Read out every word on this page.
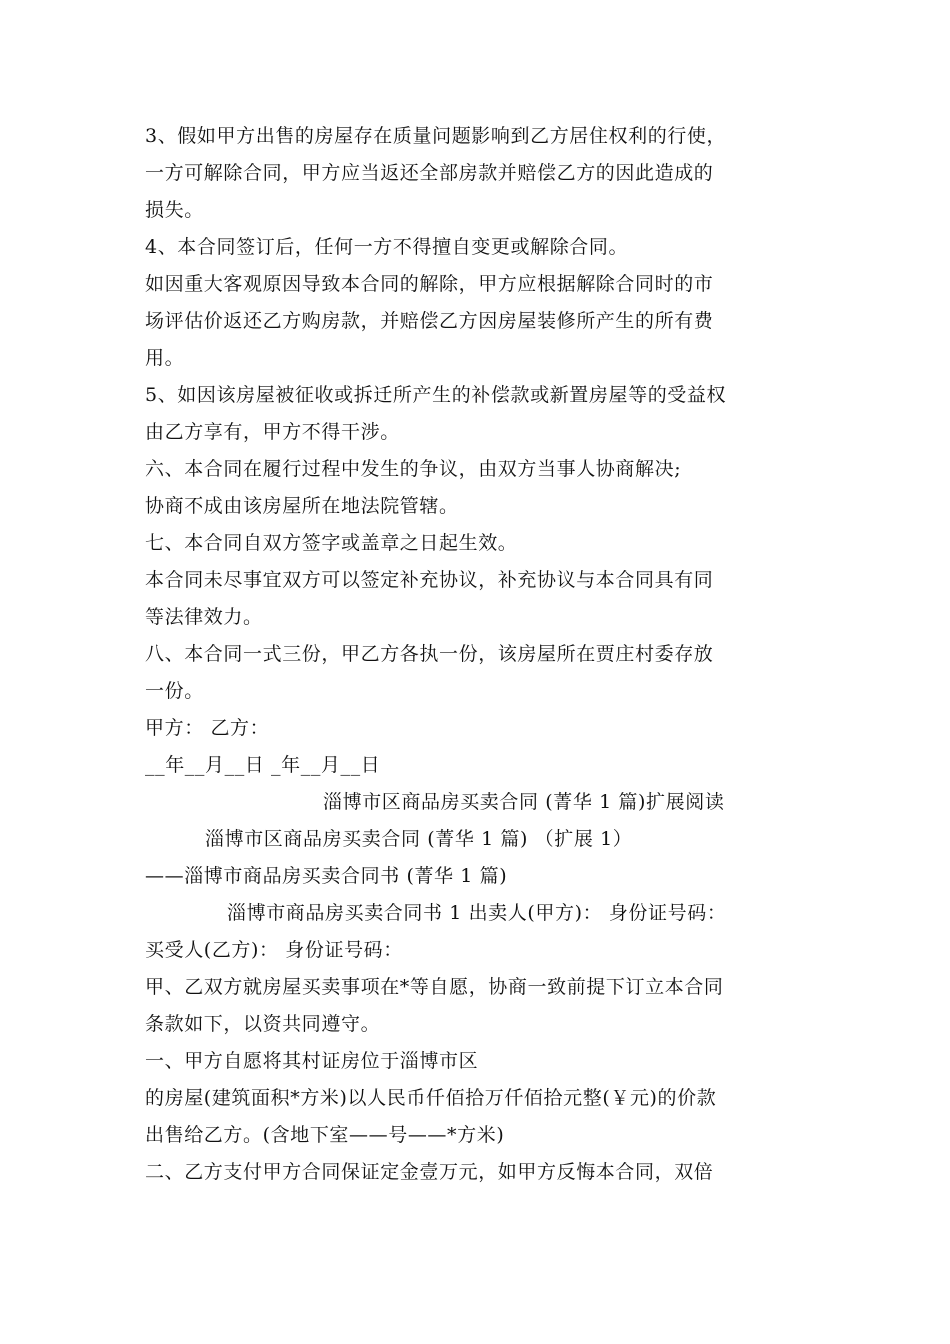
3、假如甲方出售的房屋存在质量问题影响到乙方居住权利的行使，
一方可解除合同，甲方应当返还全部房款并赔偿乙方的因此造成的
损失。
4、本合同签订后，任何一方不得擅自变更或解除合同。
如因重大客观原因导致本合同的解除，甲方应根据解除合同时的市
场评估价返还乙方购房款，并赔偿乙方因房屋装修所产生的所有费
用。
5、如因该房屋被征收或拆迁所产生的补偿款或新置房屋等的受益权
由乙方享有，甲方不得干涉。
六、本合同在履行过程中发生的争议，由双方当事人协商解决;
协商不成由该房屋所在地法院管辖。
七、本合同自双方签字或盖章之日起生效。
本合同未尽事宜双方可以签定补充协议，补充协议与本合同具有同
等法律效力。
八、本合同一式三份，甲乙方各执一份，该房屋所在贾庄村委存放
一份。
甲方： 乙方：
__年__月__日 _年__月__日
淄博市区商品房买卖合同 (菁华 1 篇)扩展阅读
淄博市区商品房买卖合同 (菁华 1 篇) （扩展 1）
——淄博市商品房买卖合同书 (菁华 1 篇)
淄博市商品房买卖合同书 1 出卖人(甲方)： 身份证号码：
买受人(乙方)： 身份证号码：
甲、乙双方就房屋买卖事项在*等自愿，协商一致前提下订立本合同
条款如下，以资共同遵守。
一、甲方自愿将其村证房位于淄博市区
的房屋(建筑面积*方米)以人民币仟佰拾万仟佰拾元整(￥元)的价款
出售给乙方。(含地下室——号——*方米)
二、乙方支付甲方合同保证定金壹万元，如甲方反悔本合同，双倍
